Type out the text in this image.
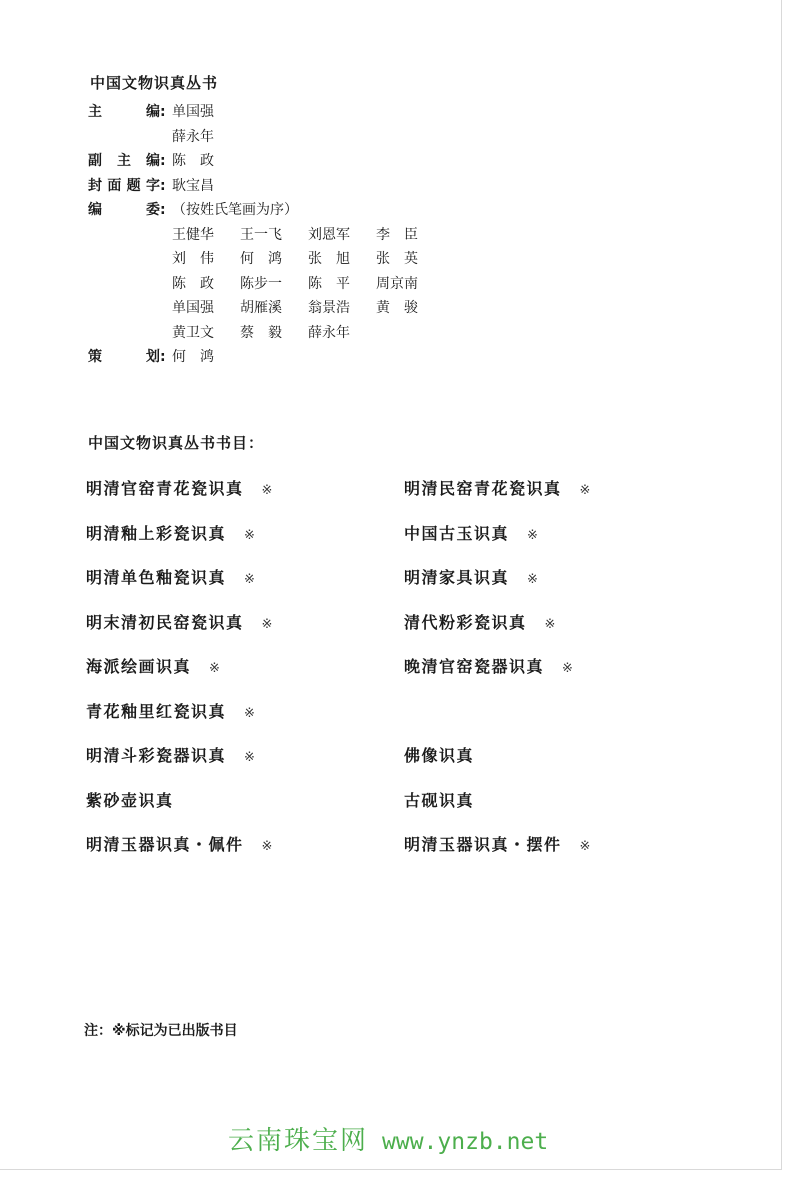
中国文物识真丛书
主编: 单国强
薛永年
副主编: 陈　政
封面题字: 耿宝昌
编委: （按姓氏笔画为序）
王健华	王一飞	刘恩军	李　臣
刘　伟	何　鸿	张　旭	张　英
陈　政	陈步一	陈　平	周京南
单国强	胡雁溪	翁景浩	黄　骏
黄卫文	蔡　毅	薛永年
策划: 何　鸿
中国文物识真丛书书目：
明清官窑青花瓷识真 ※	明清民窑青花瓷识真 ※
明清釉上彩瓷识真 ※	中国古玉识真 ※
明清单色釉瓷识真 ※	明清家具识真 ※
明末清初民窑瓷识真 ※	清代粉彩瓷识真 ※
海派绘画识真 ※	晚清官窑瓷器识真 ※
青花釉里红瓷识真 ※
明清斗彩瓷器识真 ※	佛像识真
紫砂壶识真	古砚识真
明清玉器识真・佩件 ※	明清玉器识真・摆件 ※
注：※标记为已出版书目
云南珠宝网 www.ynzb.net
